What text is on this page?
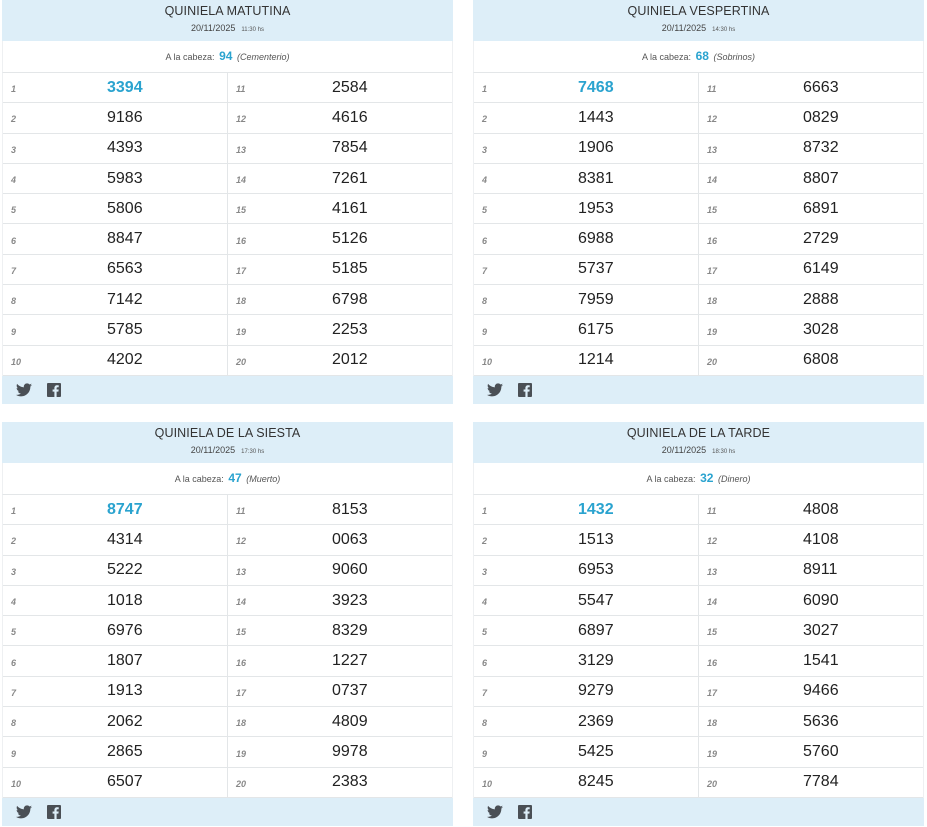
QUINIELA MATUTINA
20/11/2025 11:30 hs
A la cabeza: 94 (Cementerio)
1	3394	11	2584
2	9186	12	4616
3	4393	13	7854
4	5983	14	7261
5	5806	15	4161
6	8847	16	5126
7	6563	17	5185
8	7142	18	6798
9	5785	19	2253
10	4202	20	2012
QUINIELA VESPERTINA
20/11/2025 14:30 hs
A la cabeza: 68 (Sobrinos)
1	7468	11	6663
2	1443	12	0829
3	1906	13	8732
4	8381	14	8807
5	1953	15	6891
6	6988	16	2729
7	5737	17	6149
8	7959	18	2888
9	6175	19	3028
10	1214	20	6808
QUINIELA DE LA SIESTA
20/11/2025 17:30 hs
A la cabeza: 47 (Muerto)
1	8747	11	8153
2	4314	12	0063
3	5222	13	9060
4	1018	14	3923
5	6976	15	8329
6	1807	16	1227
7	1913	17	0737
8	2062	18	4809
9	2865	19	9978
10	6507	20	2383
QUINIELA DE LA TARDE
20/11/2025 18:30 hs
A la cabeza: 32 (Dinero)
1	1432	11	4808
2	1513	12	4108
3	6953	13	8911
4	5547	14	6090
5	6897	15	3027
6	3129	16	1541
7	9279	17	9466
8	2369	18	5636
9	5425	19	5760
10	8245	20	7784
